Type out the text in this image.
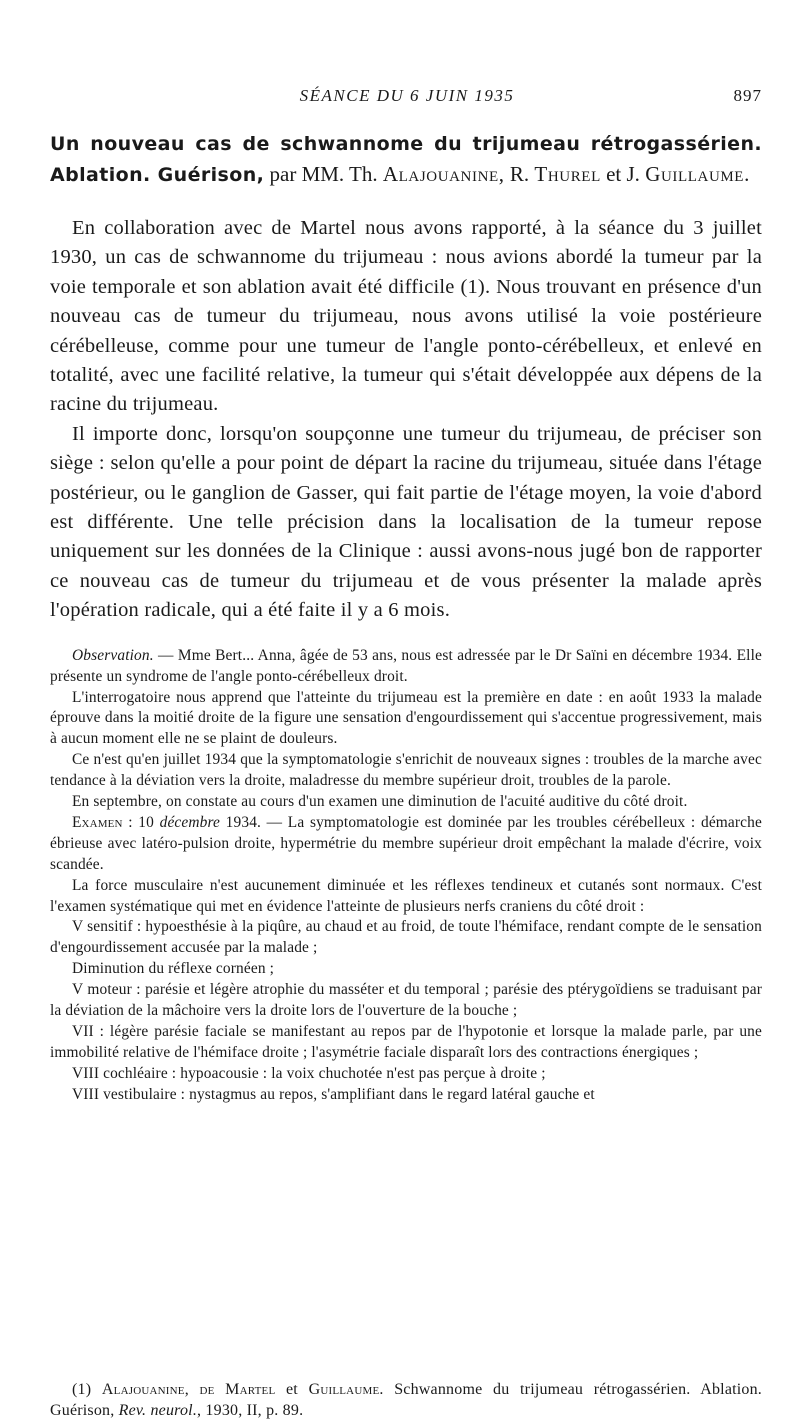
SÉANCE DU 6 JUIN 1935	897

Un nouveau cas de schwannome du trijumeau rétrogassérien. Ablation. Guérison, par MM. Th. Alajouanine, R. Thurel et J. Guillaume.

En collaboration avec de Martel nous avons rapporté, à la séance du 3 juillet 1930, un cas de schwannome du trijumeau : nous avions abordé la tumeur par la voie temporale et son ablation avait été difficile (1). Nous trouvant en présence d'un nouveau cas de tumeur du trijumeau, nous avons utilisé la voie postérieure cérébelleuse, comme pour une tumeur de l'angle ponto-cérébelleux, et enlevé en totalité, avec une facilité relative, la tumeur qui s'était développée aux dépens de la racine du trijumeau.

Il importe donc, lorsqu'on soupçonne une tumeur du trijumeau, de préciser son siège : selon qu'elle a pour point de départ la racine du trijumeau, située dans l'étage postérieur, ou le ganglion de Gasser, qui fait partie de l'étage moyen, la voie d'abord est différente. Une telle précision dans la localisation de la tumeur repose uniquement sur les données de la Clinique : aussi avons-nous jugé bon de rapporter ce nouveau cas de tumeur du trijumeau et de vous présenter la malade après l'opération radicale, qui a été faite il y a 6 mois.

Observation. — Mme Bert... Anna, âgée de 53 ans, nous est adressée par le Dr Saïni en décembre 1934. Elle présente un syndrome de l'angle ponto-cérébelleux droit.

L'interrogatoire nous apprend que l'atteinte du trijumeau est la première en date : en août 1933 la malade éprouve dans la moitié droite de la figure une sensation d'engourdissement qui s'accentue progressivement, mais à aucun moment elle ne se plaint de douleurs.

Ce n'est qu'en juillet 1934 que la symptomatologie s'enrichit de nouveaux signes : troubles de la marche avec tendance à la déviation vers la droite, maladresse du membre supérieur droit, troubles de la parole.

En septembre, on constate au cours d'un examen une diminution de l'acuité auditive du côté droit.

Examen : 10 décembre 1934. — La symptomatologie est dominée par les troubles cérébelleux : démarche ébrieuse avec latéro-pulsion droite, hypermétrie du membre supérieur droit empêchant la malade d'écrire, voix scandée.

La force musculaire n'est aucunement diminuée et les réflexes tendineux et cutanés sont normaux. C'est l'examen systématique qui met en évidence l'atteinte de plusieurs nerfs craniens du côté droit :

V sensitif : hypoesthésie à la piqûre, au chaud et au froid, de toute l'hémiface, rendant compte de le sensation d'engourdissement accusée par la malade ;

Diminution du réflexe cornéen ;

V moteur : parésie et légère atrophie du masséter et du temporal ; parésie des ptérygoïdiens se traduisant par la déviation de la mâchoire vers la droite lors de l'ouverture de la bouche ;

VII : légère parésie faciale se manifestant au repos par de l'hypotonie et lorsque la malade parle, par une immobilité relative de l'hémiface droite ; l'asymétrie faciale disparaît lors des contractions énergiques ;

VIII cochléaire : hypoacousie : la voix chuchotée n'est pas perçue à droite ;

VIII vestibulaire : nystagmus au repos, s'amplifiant dans le regard latéral gauche et

(1) Alajouanine, de Martel et Guillaume. Schwannome du trijumeau rétrogassérien. Ablation. Guérison, Rev. neurol., 1930, II, p. 89.
